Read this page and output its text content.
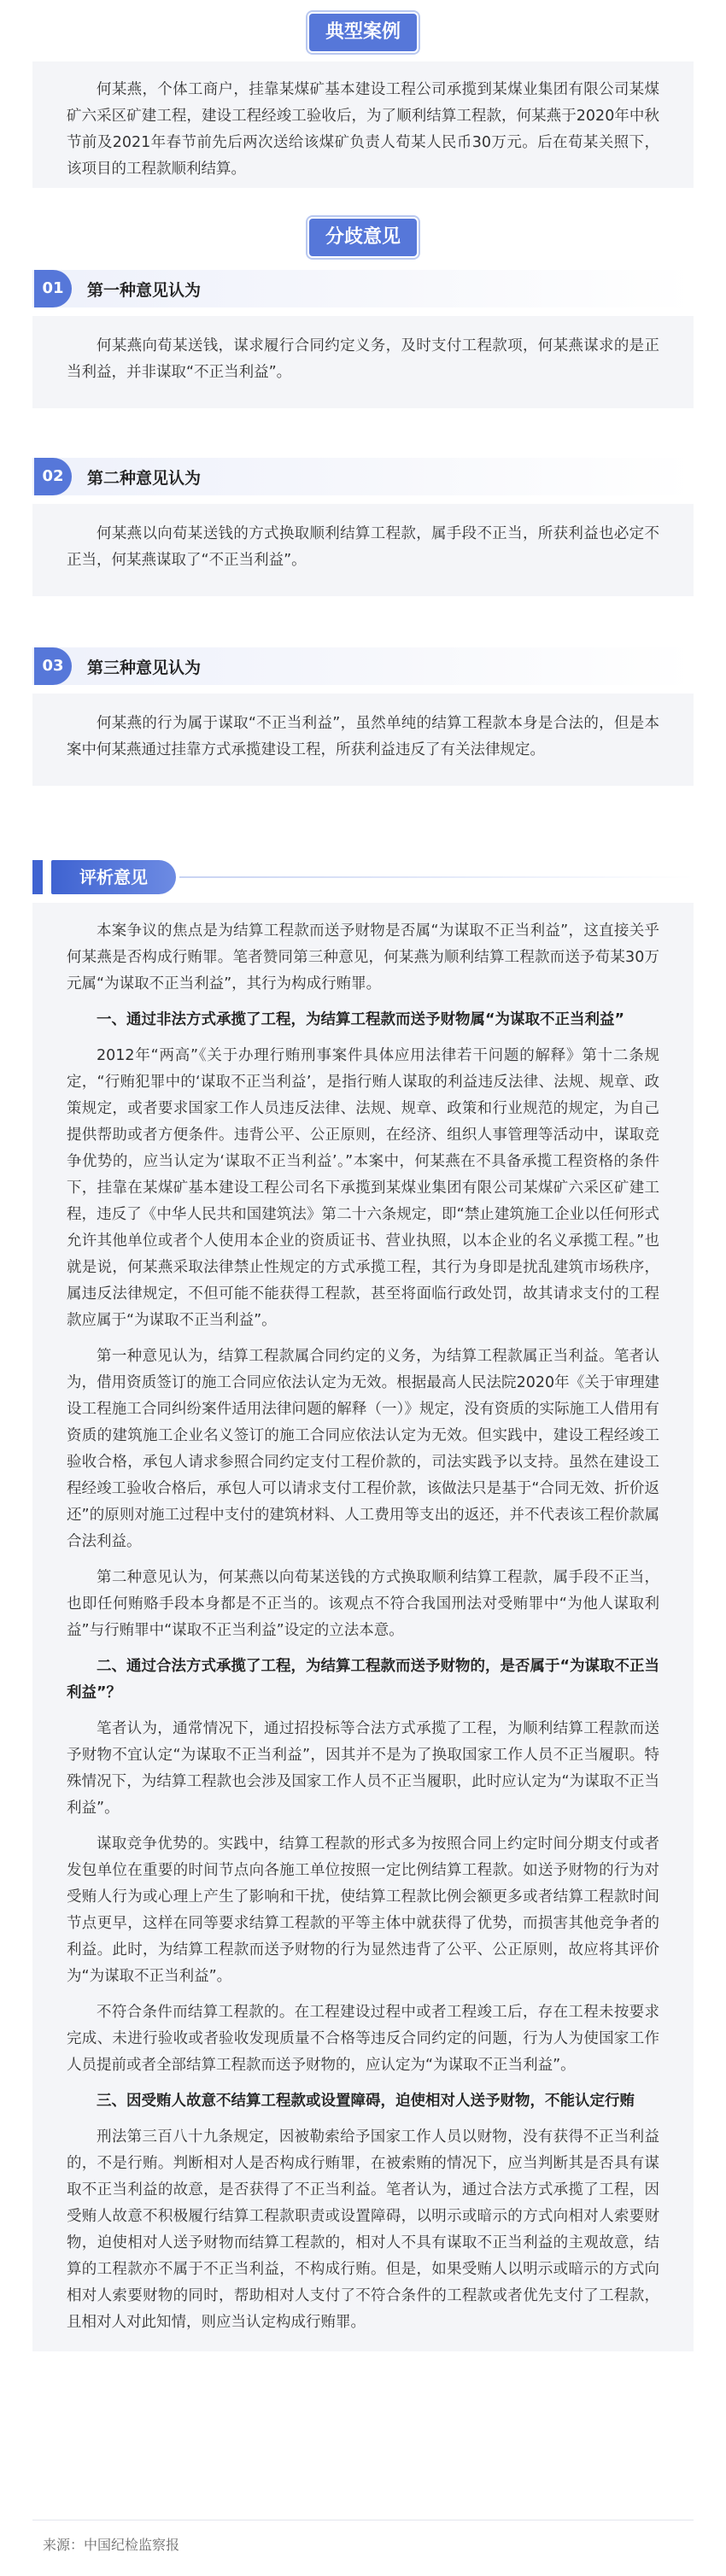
典型案例
何某燕，个体工商户，挂靠某煤矿基本建设工程公司承揽到某煤业集团有限公司某煤矿六采区矿建工程，建设工程经竣工验收后，为了顺利结算工程款，何某燕于2020年中秋节前及2021年春节前先后两次送给该煤矿负责人荀某人民币30万元。后在荀某关照下，该项目的工程款顺利结算。
分歧意见
01	第一种意见认为
何某燕向荀某送钱，谋求履行合同约定义务，及时支付工程款项，何某燕谋求的是正当利益，并非谋取“不正当利益”。
02	第二种意见认为
何某燕以向荀某送钱的方式换取顺利结算工程款，属手段不正当，所获利益也必定不正当，何某燕谋取了“不正当利益”。
03	第三种意见认为
何某燕的行为属于谋取“不正当利益”，虽然单纯的结算工程款本身是合法的，但是本案中何某燕通过挂靠方式承揽建设工程，所获利益违反了有关法律规定。
评析意见

本案争议的焦点是为结算工程款而送予财物是否属“为谋取不正当利益”，这直接关乎何某燕是否构成行贿罪。笔者赞同第三种意见，何某燕为顺利结算工程款而送予荀某30万元属“为谋取不正当利益”，其行为构成行贿罪。

一、通过非法方式承揽了工程，为结算工程款而送予财物属“为谋取不正当利益”

2012年“两高”《关于办理行贿刑事案件具体应用法律若干问题的解释》第十二条规定，“行贿犯罪中的‘谋取不正当利益’，是指行贿人谋取的利益违反法律、法规、规章、政策规定，或者要求国家工作人员违反法律、法规、规章、政策和行业规范的规定，为自己提供帮助或者方便条件。违背公平、公正原则，在经济、组织人事管理等活动中，谋取竞争优势的，应当认定为‘谋取不正当利益’。”本案中，何某燕在不具备承揽工程资格的条件下，挂靠在某煤矿基本建设工程公司名下承揽到某煤业集团有限公司某煤矿六采区矿建工程，违反了《中华人民共和国建筑法》第二十六条规定，即“禁止建筑施工企业以任何形式允许其他单位或者个人使用本企业的资质证书、营业执照，以本企业的名义承揽工程。”也就是说，何某燕采取法律禁止性规定的方式承揽工程，其行为身即是扰乱建筑市场秩序，属违反法律规定，不但可能不能获得工程款，甚至将面临行政处罚，故其请求支付的工程款应属于“为谋取不正当利益”。

第一种意见认为，结算工程款属合同约定的义务，为结算工程款属正当利益。笔者认为，借用资质签订的施工合同应依法认定为无效。根据最高人民法院2020年《关于审理建设工程施工合同纠纷案件适用法律问题的解释（一）》规定，没有资质的实际施工人借用有资质的建筑施工企业名义签订的施工合同应依法认定为无效。但实践中，建设工程经竣工验收合格，承包人请求参照合同约定支付工程价款的，司法实践予以支持。虽然在建设工程经竣工验收合格后，承包人可以请求支付工程价款，该做法只是基于“合同无效、折价返还”的原则对施工过程中支付的建筑材料、人工费用等支出的返还，并不代表该工程价款属合法利益。

第二种意见认为，何某燕以向荀某送钱的方式换取顺利结算工程款，属手段不正当，也即任何贿赂手段本身都是不正当的。该观点不符合我国刑法对受贿罪中“为他人谋取利益”与行贿罪中“谋取不正当利益”设定的立法本意。

二、通过合法方式承揽了工程，为结算工程款而送予财物的，是否属于“为谋取不正当利益”？

笔者认为，通常情况下，通过招投标等合法方式承揽了工程，为顺利结算工程款而送予财物不宜认定“为谋取不正当利益”，因其并不是为了换取国家工作人员不正当履职。特殊情况下，为结算工程款也会涉及国家工作人员不正当履职，此时应认定为“为谋取不正当利益”。

谋取竞争优势的。实践中，结算工程款的形式多为按照合同上约定时间分期支付或者发包单位在重要的时间节点向各施工单位按照一定比例结算工程款。如送予财物的行为对受贿人行为或心理上产生了影响和干扰，使结算工程款比例会额更多或者结算工程款时间节点更早，这样在同等要求结算工程款的平等主体中就获得了优势，而损害其他竞争者的利益。此时，为结算工程款而送予财物的行为显然违背了公平、公正原则，故应将其评价为“为谋取不正当利益”。

不符合条件而结算工程款的。在工程建设过程中或者工程竣工后，存在工程未按要求完成、未进行验收或者验收发现质量不合格等违反合同约定的问题，行为人为使国家工作人员提前或者全部结算工程款而送予财物的，应认定为“为谋取不正当利益”。

三、因受贿人故意不结算工程款或设置障碍，迫使相对人送予财物，不能认定行贿

刑法第三百八十九条规定，因被勒索给予国家工作人员以财物，没有获得不正当利益的，不是行贿。判断相对人是否构成行贿罪，在被索贿的情况下，应当判断其是否具有谋取不正当利益的故意，是否获得了不正当利益。笔者认为，通过合法方式承揽了工程，因受贿人故意不积极履行结算工程款职责或设置障碍，以明示或暗示的方式向相对人索要财物，迫使相对人送予财物而结算工程款的，相对人不具有谋取不正当利益的主观故意，结算的工程款亦不属于不正当利益，不构成行贿。但是，如果受贿人以明示或暗示的方式向相对人索要财物的同时，帮助相对人支付了不符合条件的工程款或者优先支付了工程款，且相对人对此知情，则应当认定构成行贿罪。

来源：中国纪检监察报
